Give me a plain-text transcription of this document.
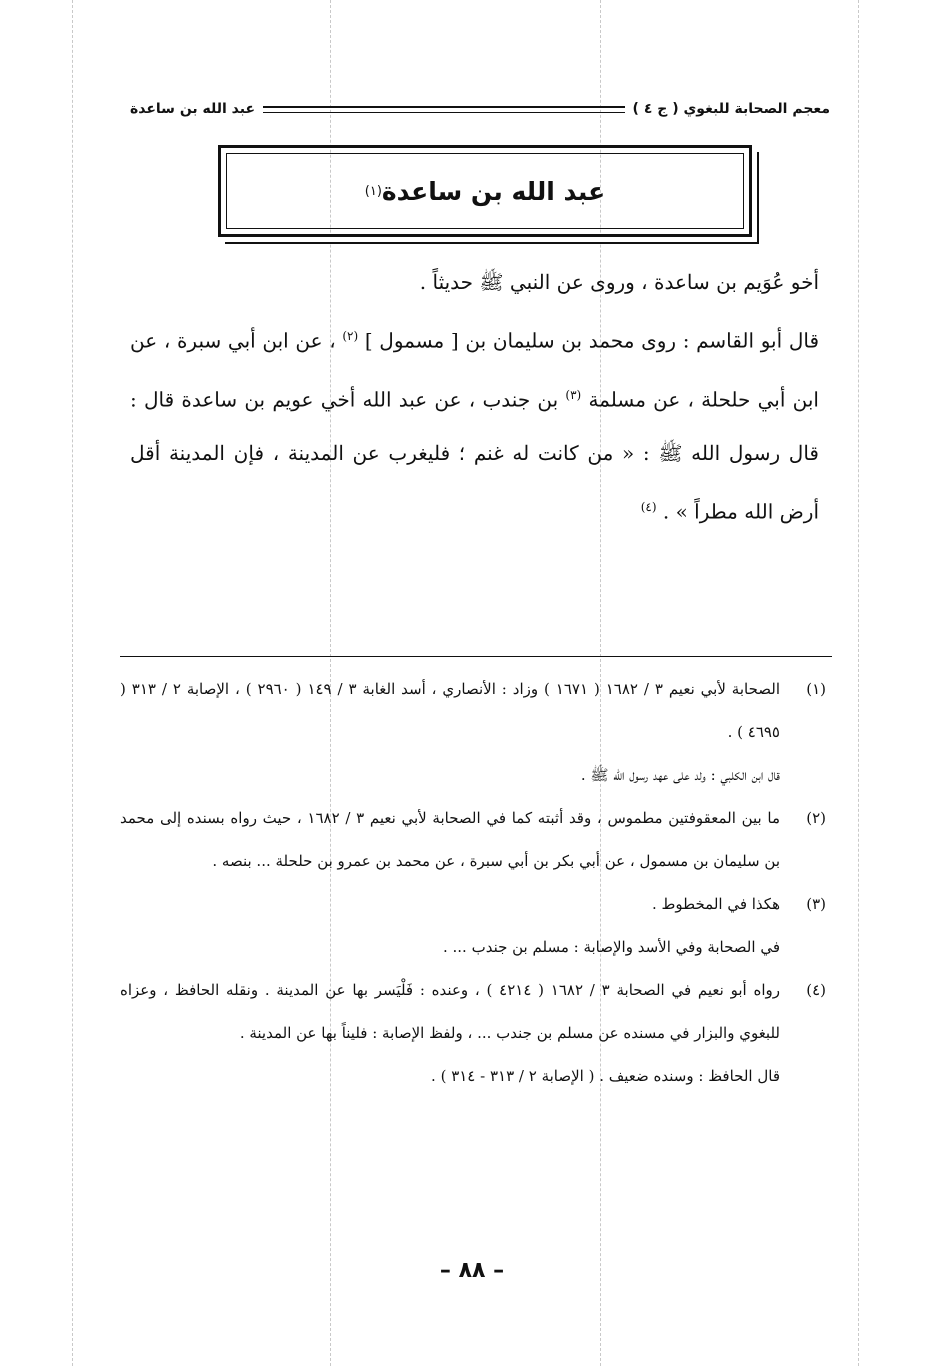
معجم الصحابة للبغوي ( ج ٤ )
عبد الله بن ساعدة
عبد الله بن ساعدة
(١)

أخو عُوَيم بن ساعدة ، وروى عن النبي ﷺ حديثاً .

قال أبو القاسم : روى محمد بن سليمان بن [ مسمول ] $^{(٢)}$ ، عن ابن أبي سبرة ، عن ابن أبي حلحلة ، عن مسلمة $^{(٣)}$ بن جندب ، عن عبد الله أخي عويم بن ساعدة قال : قال رسول الله ﷺ : « من كانت له غنم ؛ فليغرب عن المدينة ، فإن المدينة أقل أرض الله مطراً » . $^{(٤)}$

(١)
الصحابة لأبي نعيم ٣ / ١٦٨٢ ( ١٦٧١ ) وزاد : الأنصاري ، أسد الغابة ٣ / ١٤٩ ( ٢٩٦٠ ) ، الإصابة ٢ / ٣١٣ ( ٤٦٩٥ ) .
قال ابن الكلبي : ولد على عهد رسول الله ﷺ .
(٢)
ما بين المعقوفتين مطموس ، وقد أثبته كما في الصحابة لأبي نعيم ٣ / ١٦٨٢ ، حيث رواه بسنده إلى محمد بن سليمان بن مسمول ، عن أبي بكر بن أبي سبرة ، عن محمد بن عمرو بن حلحلة ... بنصه .
(٣)
هكذا في المخطوط .
في الصحابة وفي الأسد والإصابة : مسلم بن جندب ... .
(٤)
رواه أبو نعيم في الصحابة ٣ / ١٦٨٢ ( ٤٢١٤ ) ، وعنده : فَلْيَسر بها عن المدينة . ونقله الحافظ ، وعزاه للبغوي والبزار في مسنده عن مسلم بن جندب ... ، ولفظ الإصابة : فليناً بها عن المدينة .
قال الحافظ : وسنده ضعيف . ( الإصابة ٢ / ٣١٣ - ٣١٤ ) .
– ٨٨ –
